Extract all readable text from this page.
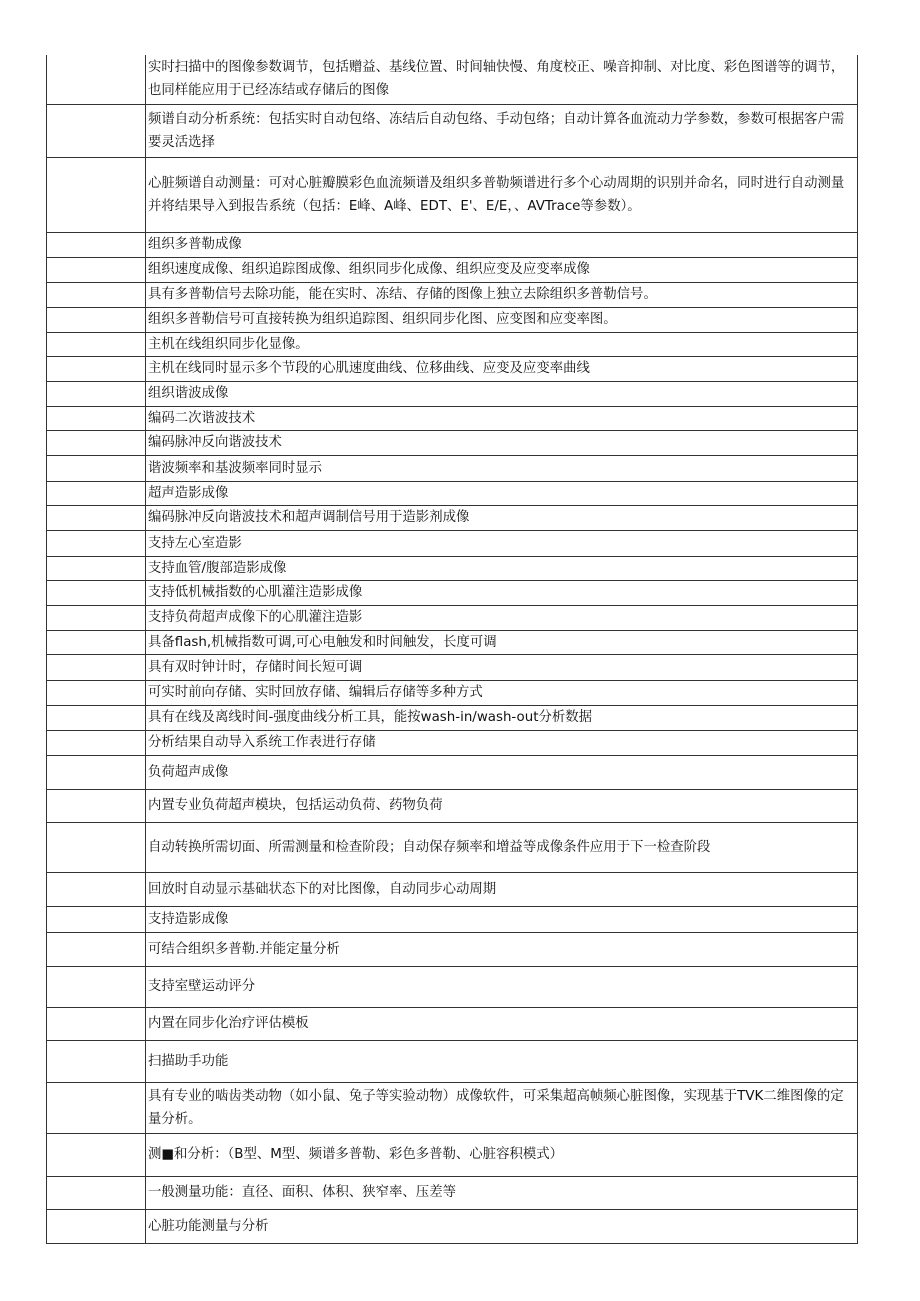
	实时扫描中的图像参数调节，包括赠益、基线位置、时间轴快慢、角度校正、噪音抑制、对比度、彩色图谱等的调节，也同样能应用于已经冻结或存储后的图像
	频谱自动分析系统：包括实时自动包络、冻结后自动包络、手动包络；自动计算各血流动力学参数，参数可根据客户需要灵活选择
	心脏频谱自动测量：可对心脏瓣膜彩色血流频谱及组织多普勒频谱进行多个心动周期的识别并命名，同时进行自动测量并将结果导入到报告系统（包括：E峰、A峰、EDT、E'、E/E，、AVTrace等参数）。
	组织多普勒成像
	组织速度成像、组织追踪图成像、组织同步化成像、组织应变及应变率成像
	具有多普勒信号去除功能，能在实时、冻结、存储的图像上独立去除组织多普勒信号。
	组织多普勒信号可直接转换为组织追踪图、组织同步化图、应变图和应变率图。
	主机在线组织同步化显像。
	主机在线同时显示多个节段的心肌速度曲线、位移曲线、应变及应变率曲线
	组织谐波成像
	编码二次谐波技术
	编码脉冲反向谐波技术
	谐波频率和基波频率同时显示
	超声造影成像
	编码脉冲反向谐波技术和超声调制信号用于造影剂成像
	支持左心室造影
	支持血管/腹部造影成像
	支持低机械指数的心肌灌注造影成像
	支持负荷超声成像下的心肌灌注造影
	具备flash,机械指数可调,可心电触发和时间触发，长度可调
	具有双时钟计时，存储时间长短可调
	可实时前向存储、实时回放存储、编辑后存储等多种方式
	具有在线及离线时间-强度曲线分析工具，能按wash-in/wash-out分析数据
	分析结果自动导入系统工作表进行存储
	负荷超声成像
	内置专业负荷超声模块，包括运动负荷、药物负荷
	自动转换所需切面、所需测量和检查阶段；自动保存频率和增益等成像条件应用于下一检查阶段
	回放时自动显示基础状态下的对比图像，自动同步心动周期
	支持造影成像
	可结合组织多普勒.并能定量分析
	支持室壁运动评分
	内置在同步化治疗评估模板
	扫描助手功能
	具有专业的啮齿类动物（如小鼠、兔子等实验动物）成像软件，可采集超高帧频心脏图像，实现基于TVK二维图像的定量分析。
	测■和分析：（B型、M型、频谱多普勒、彩色多普勒、心脏容积模式）
	一般测量功能：直径、面积、体积、狭窄率、压差等
	心脏功能测量与分析
